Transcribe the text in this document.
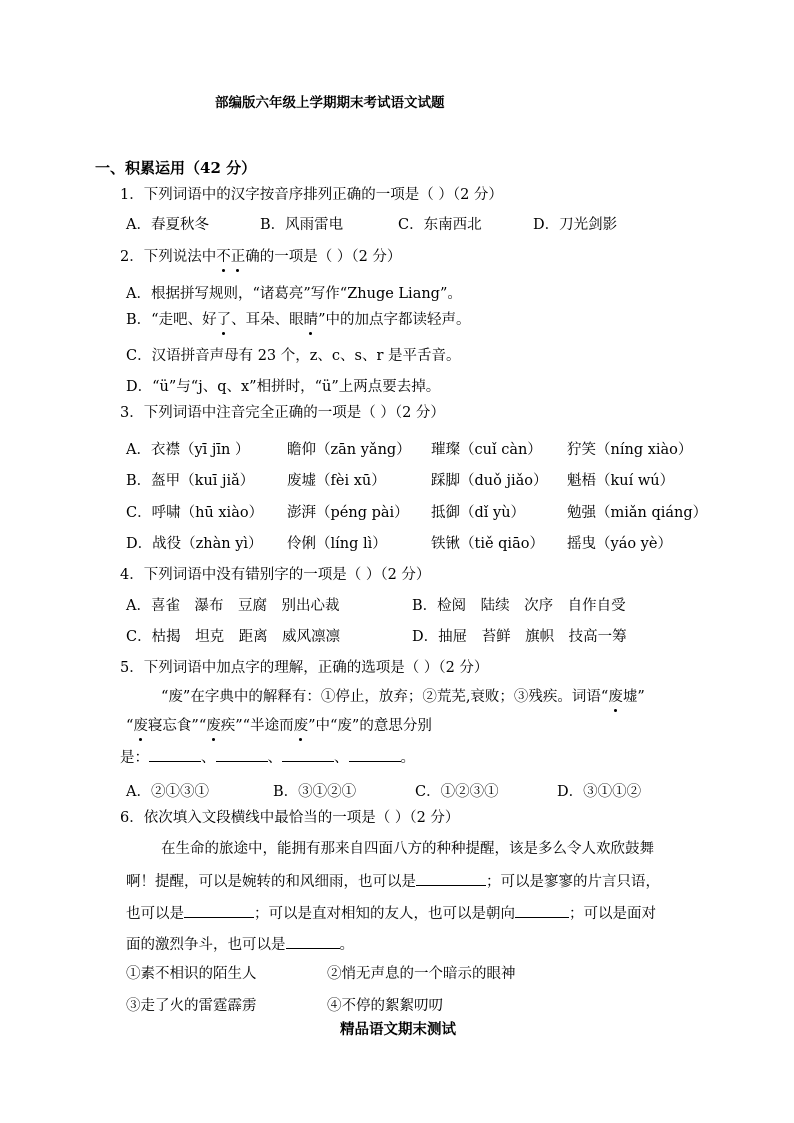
部编版六年级上学期期末考试语文试题
一、积累运用（42 分）
1．下列词语中的汉字按音序排列正确的一项是（ ）（2 分）
A．春夏秋冬	B．风雨雷电	C．东南西北	D．刀光剑影
2．下列说法中不正确的一项是（ ）（2 分）
A．根据拼写规则，“诸葛亮”写作“Zhuge Liang”。
B．“走吧、好了、耳朵、眼睛”中的加点字都读轻声。
C．汉语拼音声母有 23 个，z、c、s、r 是平舌音。
D．“ü”与“j、q、x”相拼时，“ü”上两点要去掉。
3．下列词语中注音完全正确的一项是（ ）（2 分）
A．衣襟（yī jīn ）	瞻仰（zān yǎng） 璀璨（cuǐ càn） 狞笑（níng xiào）
B．盔甲（kuī jiǎ） 废墟（fèi xū）	踩脚（duǒ jiǎo） 魁梧（kuí wú）
C．呼啸（hū xiào） 澎湃（péng pài） 抵御（dǐ yù）	勉强（miǎn qiáng）
D．战役（zhàn yì） 伶俐（líng lì）	铁锹（tiě qiāo） 摇曳（yáo yè）
4．下列词语中没有错别字的一项是（ ）（2 分）
A．喜雀　瀑布　豆腐　别出心裁	B．检阅　陆续　次序　自作自受
C．枯揭　坦克　距离　威风凛凛	D．抽屉　苔鲜　旗帜　技高一筹
5．下列词语中加点字的理解，正确的选项是（ ）（2 分）
“废”在字典中的解释有：①停止，放弃；②荒芜,衰败；③残疾。词语“废墟”
“废寝忘食”“废疾”“半途而废”中“废”的意思分别
是：	、	、	、	。
A．②①③①	B．③①②①	C．①②③①	D．③①①②
6．依次填入文段横线中最恰当的一项是（ ）（2 分）
在生命的旅途中，能拥有那来自四面八方的种种提醒，该是多么令人欢欣鼓舞
啊！提醒，可以是婉转的和风细雨，也可以是	；可以是寥寥的片言只语，
也可以是	；可以是直对相知的友人，也可以是朝向	；可以是面对
面的激烈争斗，也可以是	。
①素不相识的陌生人	②悄无声息的一个暗示的眼神
③走了火的雷霆霹雳	④不停的絮絮叨叨
精品语文期末测试
